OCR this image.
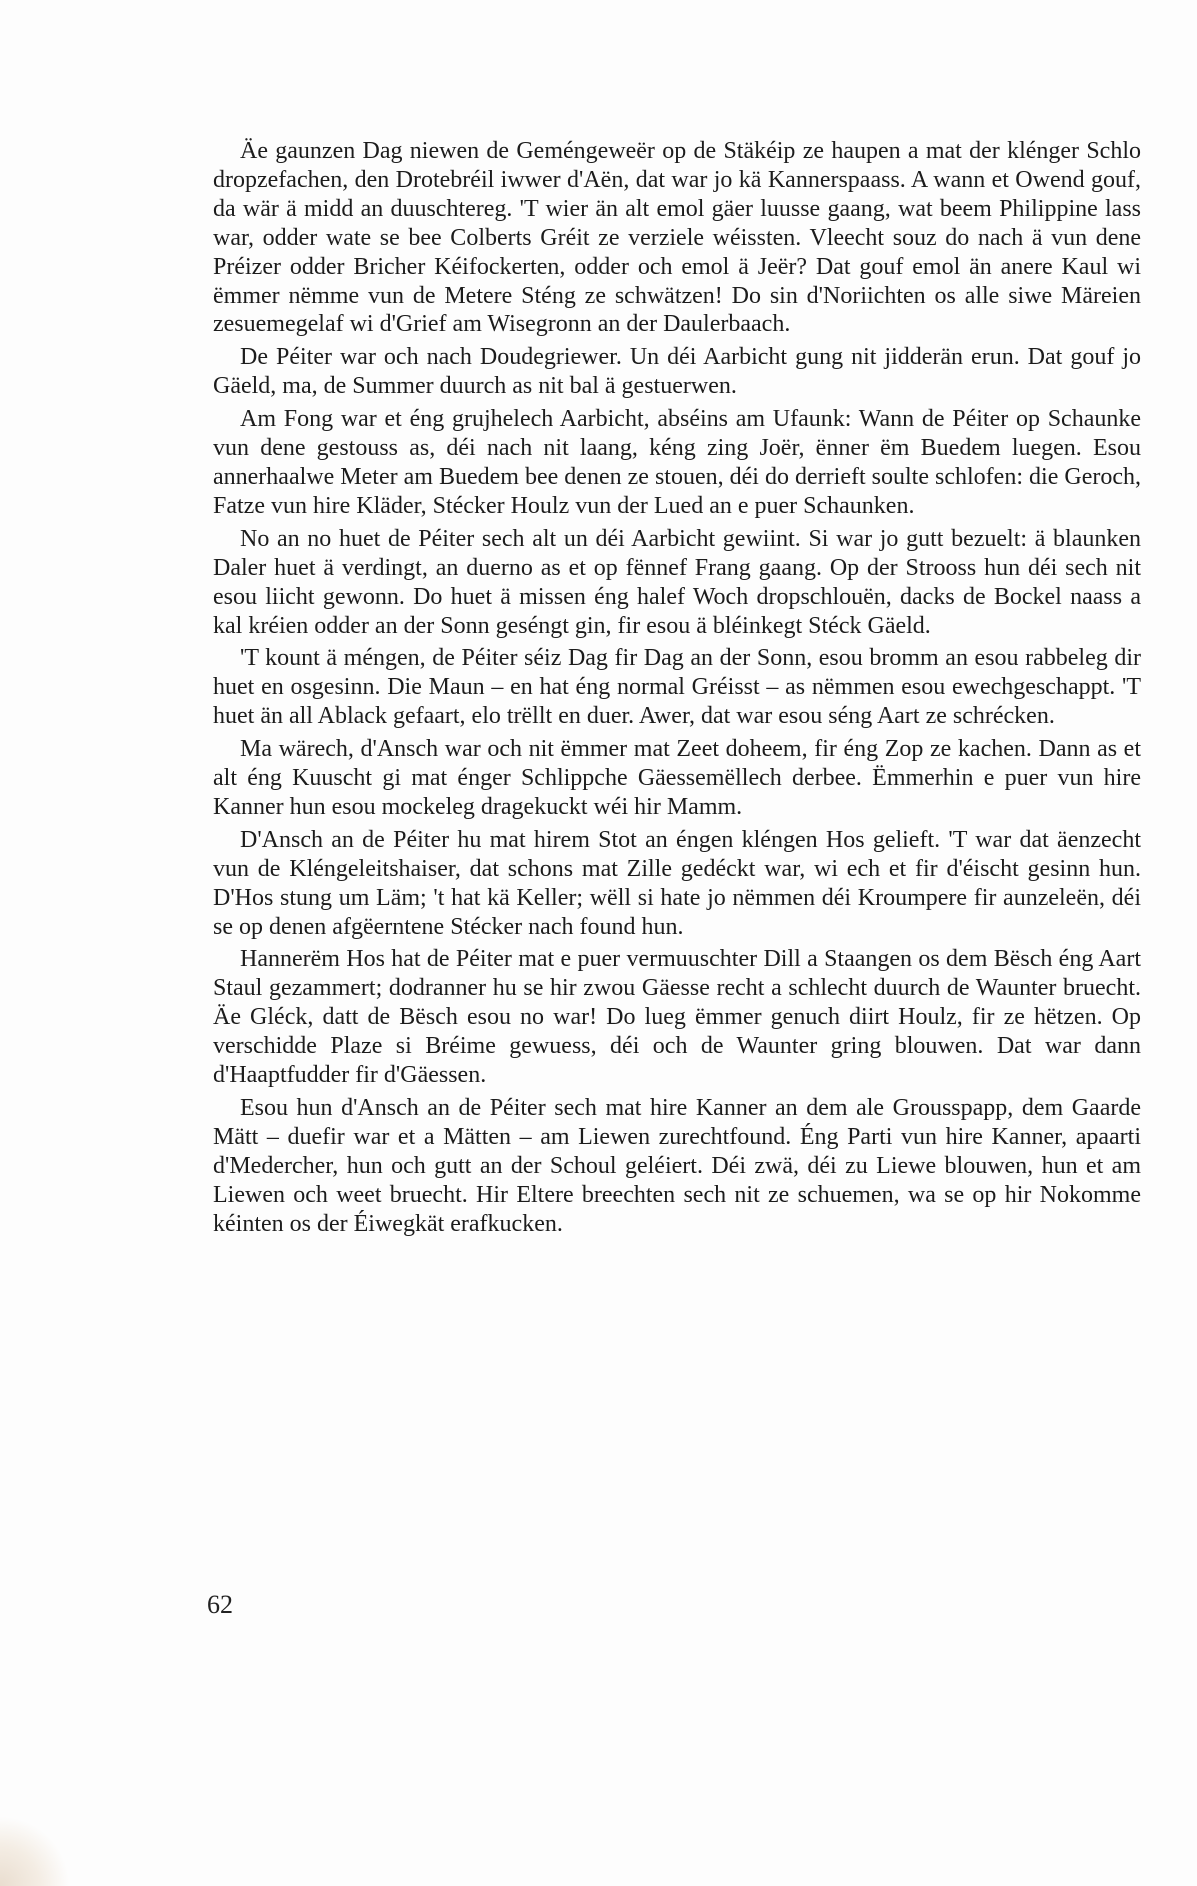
Äe gaunzen Dag niewen de Geméngeweër op de Stäkéip ze haupen a mat der klénger Schlo dropzefachen, den Drotebréil iwwer d'Aën, dat war jo kä Kannerspaass. A wann et Owend gouf, da wär ä midd an duuschtereg. 'T wier än alt emol gäer luusse gaang, wat beem Philippine lass war, odder wate se bee Colberts Gréit ze verziele wéissten. Vleecht souz do nach ä vun dene Préizer odder Bricher Kéifockerten, odder och emol ä Jeër? Dat gouf emol än anere Kaul wi ëmmer nëmme vun de Metere Sténg ze schwätzen! Do sin d'Noriichten os alle siwe Märeien zesuemegelaf wi d'Grief am Wisegronn an der Daulerbaach.

De Péiter war och nach Doudegriewer. Un déi Aarbicht gung nit jidderän erun. Dat gouf jo Gäeld, ma, de Summer duurch as nit bal ä gestuerwen.

Am Fong war et éng grujhelech Aarbicht, abséins am Ufaunk: Wann de Péiter op Schaunke vun dene gestouss as, déi nach nit laang, kéng zing Joër, ënner ëm Buedem luegen. Esou annerhaalwe Meter am Buedem bee denen ze stouen, déi do derrieft soulte schlofen: die Geroch, Fatze vun hire Kläder, Stécker Houlz vun der Lued an e puer Schaunken.

No an no huet de Péiter sech alt un déi Aarbicht gewiint. Si war jo gutt bezuelt: ä blaunken Daler huet ä verdingt, an duerno as et op fënnef Frang gaang. Op der Strooss hun déi sech nit esou liicht gewonn. Do huet ä missen éng halef Woch dropschlouën, dacks de Bockel naass a kal kréien odder an der Sonn geséngt gin, fir esou ä bléinkegt Stéck Gäeld.

'T kount ä méngen, de Péiter séiz Dag fir Dag an der Sonn, esou bromm an esou rabbeleg dir huet en osgesinn. Die Maun – en hat éng normal Gréisst – as nëmmen esou ewechgeschappt. 'T huet än all Ablack gefaart, elo trëllt en duer. Awer, dat war esou séng Aart ze schrécken.

Ma wärech, d'Ansch war och nit ëmmer mat Zeet doheem, fir éng Zop ze kachen. Dann as et alt éng Kuuscht gi mat énger Schlippche Gäessemëllech derbee. Ëmmerhin e puer vun hire Kanner hun esou mockeleg dragekuckt wéi hir Mamm.

D'Ansch an de Péiter hu mat hirem Stot an éngen kléngen Hos gelieft. 'T war dat äenzecht vun de Kléngeleitshaiser, dat schons mat Zille gedéckt war, wi ech et fir d'éischt gesinn hun. D'Hos stung um Läm; 't hat kä Keller; wëll si hate jo nëmmen déi Kroumpere fir aunzeleën, déi se op denen afgëerntene Stécker nach found hun.

Hannerëm Hos hat de Péiter mat e puer vermuuschter Dill a Staangen os dem Bësch éng Aart Staul gezammert; dodranner hu se hir zwou Gäesse recht a schlecht duurch de Waunter bruecht. Äe Gléck, datt de Bësch esou no war! Do lueg ëmmer genuch diirt Houlz, fir ze hëtzen. Op verschidde Plaze si Bréime gewuess, déi och de Waunter gring blouwen. Dat war dann d'Haaptfudder fir d'Gäessen.

Esou hun d'Ansch an de Péiter sech mat hire Kanner an dem ale Grousspapp, dem Gaarde Mätt – duefir war et a Mätten – am Liewen zurechtfound. Éng Parti vun hire Kanner, apaarti d'Medercher, hun och gutt an der Schoul geléiert. Déi zwä, déi zu Liewe blouwen, hun et am Liewen och weet bruecht. Hir Eltere breechten sech nit ze schuemen, wa se op hir Nokomme kéinten os der Éiwegkät erafkucken.

62
